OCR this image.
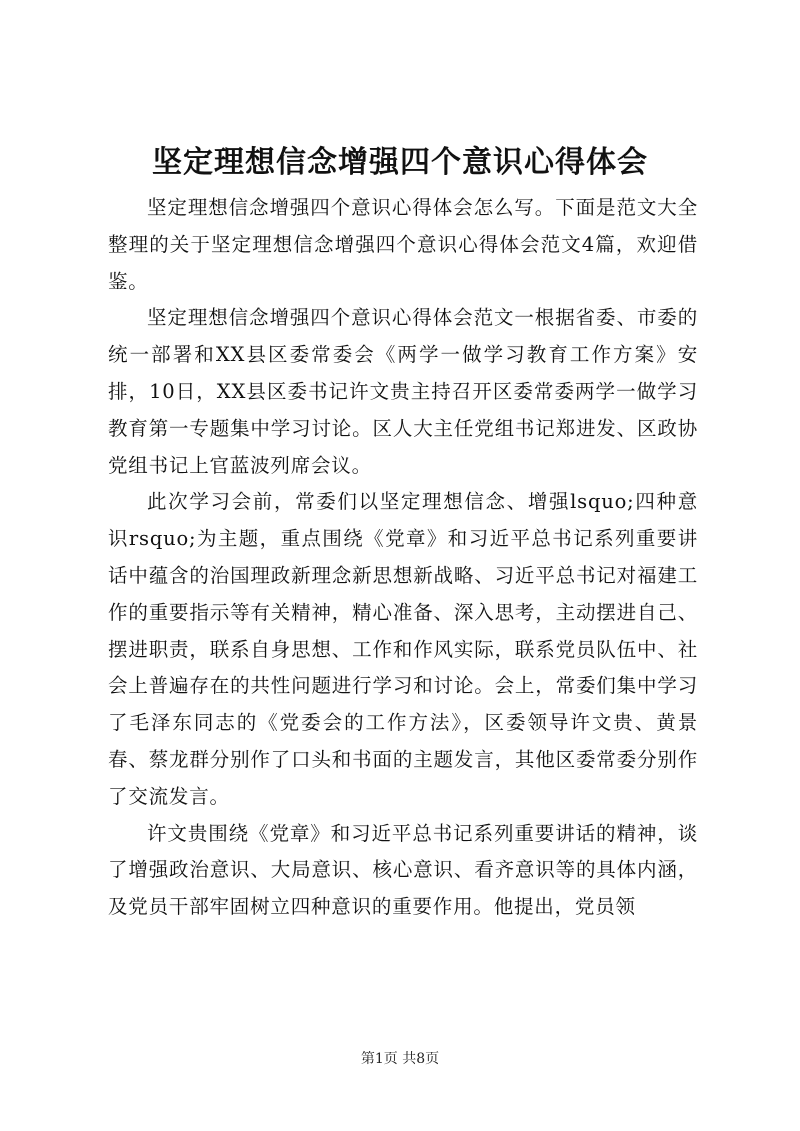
坚定理想信念增强四个意识心得体会

坚定理想信念增强四个意识心得体会怎么写。下面是范文大全整理的关于坚定理想信念增强四个意识心得体会范文4篇，欢迎借鉴。

坚定理想信念增强四个意识心得体会范文一根据省委、市委的统一部署和XX县区委常委会《两学一做学习教育工作方案》安排，10日，XX县区委书记许文贵主持召开区委常委两学一做学习教育第一专题集中学习讨论。区人大主任党组书记郑进发、区政协党组书记上官蓝波列席会议。

此次学习会前，常委们以坚定理想信念、增强lsquo;四种意识rsquo;为主题，重点围绕《党章》和习近平总书记系列重要讲话中蕴含的治国理政新理念新思想新战略、习近平总书记对福建工作的重要指示等有关精神，精心准备、深入思考，主动摆进自己、摆进职责，联系自身思想、工作和作风实际，联系党员队伍中、社会上普遍存在的共性问题进行学习和讨论。会上，常委们集中学习了毛泽东同志的《党委会的工作方法》，区委领导许文贵、黄景春、蔡龙群分别作了口头和书面的主题发言，其他区委常委分别作了交流发言。

许文贵围绕《党章》和习近平总书记系列重要讲话的精神，谈了增强政治意识、大局意识、核心意识、看齐意识等的具体内涵，及党员干部牢固树立四种意识的重要作用。他提出，党员领

第1页 共8页
